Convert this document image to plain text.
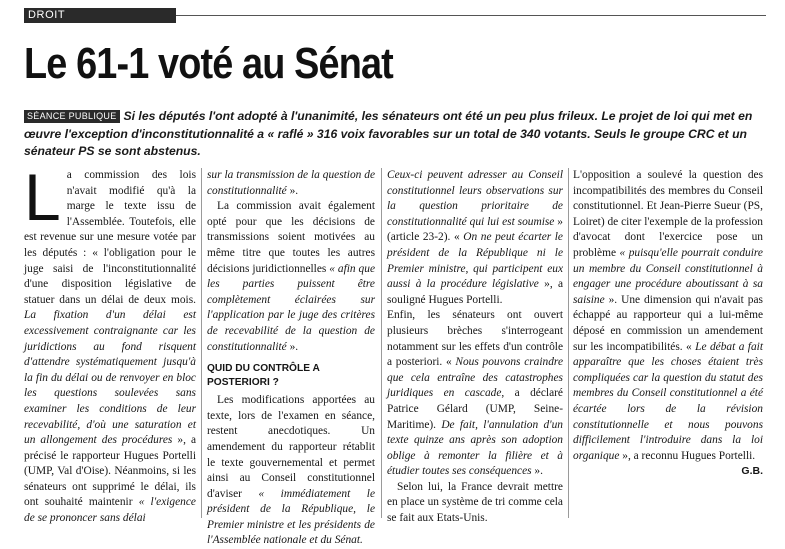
DROIT CONSTITUTIONNEL
Le 61-1 voté au Sénat

SÉANCE PUBLIQUE Si les députés l'ont adopté à l'unanimité, les sénateurs ont été un peu plus frileux. Le projet de loi qui met en œuvre l'exception d'inconstitutionnalité a « raflé » 316 voix favorables sur un total de 340 votants. Seuls le groupe CRC et un sénateur PS se sont abstenus.

L a commission des lois n'avait modifié qu'à la marge le texte issu de l'Assemblée. Toutefois, elle est revenue sur une mesure votée par les députés : « l'obligation pour le juge saisi de l'inconstitutionnalité d'une disposition législative de statuer dans un délai de deux mois. La fixation d'un délai est excessivement contraignante car les juridictions au fond risquent d'attendre systématiquement jusqu'à la fin du délai ou de renvoyer en bloc les questions soulevées sans examiner les conditions de leur recevabilité, d'où une saturation et un allongement des procédures », a précisé le rapporteur Hugues Portelli (UMP, Val d'Oise). Néanmoins, si les sénateurs ont supprimé le délai, ils ont souhaité maintenir « l'exigence de se prononcer sans délai

sur la transmission de la question de constitutionnalité ».

La commission avait également opté pour que les décisions de transmissions soient motivées au même titre que toutes les autres décisions juridictionnelles « afin que les parties puissent être complètement éclairées sur l'application par le juge des critères de recevabilité de la question de constitutionnalité ».

QUID DU CONTRÔLE A POSTERIORI ?

Les modifications apportées au texte, lors de l'examen en séance, restent anecdotiques. Un amendement du rapporteur rétablit le texte gouvernemental et permet ainsi au Conseil constitutionnel d'aviser « immédiatement le président de la République, le Premier ministre et les présidents de l'Assemblée nationale et du Sénat.

Ceux-ci peuvent adresser au Conseil constitutionnel leurs observations sur la question prioritaire de constitutionnalité qui lui est soumise » (article 23-2). « On ne peut écarter le président de la République ni le Premier ministre, qui participent eux aussi à la procédure législative », a souligné Hugues Portelli.

Enfin, les sénateurs ont ouvert plusieurs brèches s'interrogeant notamment sur les effets d'un contrôle a posteriori. « Nous pouvons craindre que cela entraîne des catastrophes juridiques en cascade, a déclaré Patrice Gélard (UMP, Seine-Maritime). De fait, l'annulation d'un texte quinze ans après son adoption oblige à remonter la filière et à étudier toutes ses conséquences ».

Selon lui, la France devrait mettre en place un système de tri comme cela se fait aux Etats-Unis.

L'opposition a soulevé la question des incompatibilités des membres du Conseil constitutionnel. Et Jean-Pierre Sueur (PS, Loiret) de citer l'exemple de la profession d'avocat dont l'exercice pose un problème « puisqu'elle pourrait conduire un membre du Conseil constitutionnel à engager une procédure aboutissant à sa saisine ». Une dimension qui n'avait pas échappé au rapporteur qui a lui-même déposé en commission un amendement sur les incompatibilités. « Le débat a fait apparaître que les choses étaient très compliquées car la question du statut des membres du Conseil constitutionnel a été écartée lors de la révision constitutionnelle et nous pouvons difficilement l'introduire dans la loi organique », a reconnu Hugues Portelli.
G.B.
